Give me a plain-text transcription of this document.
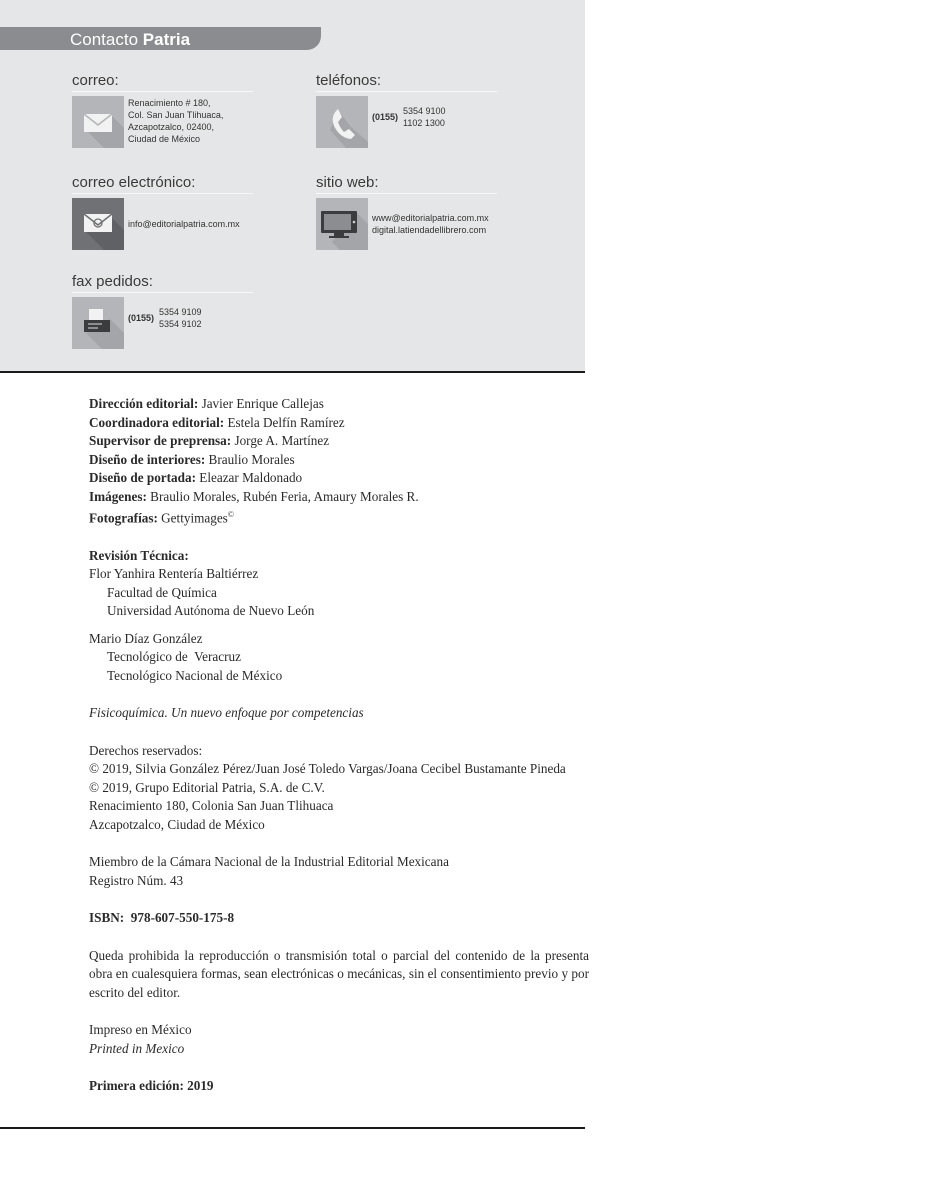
Contacto Patria
correo:
Renacimiento # 180,
Col. San Juan Tlihuaca,
Azcapotzalco, 02400,
Ciudad de México
teléfonos:
(0155)
5354 9100
1102 1300
correo electrónico:
info@editorialpatria.com.mx
sitio web:
www@editorialpatria.com.mx
digital.latiendadellibrero.com
fax pedidos:
(0155)
5354 9109
5354 9102

Dirección editorial: Javier Enrique Callejas

Coordinadora editorial: Estela Delfín Ramírez

Supervisor de preprensa: Jorge A. Martínez

Diseño de interiores: Braulio Morales

Diseño de portada: Eleazar Maldonado

Imágenes: Braulio Morales, Rubén Feria, Amaury Morales R.

Fotografías: Gettyimages©

Revisión Técnica:

Flor Yanhira Rentería Baltiérrez

Facultad de Química

Universidad Autónoma de Nuevo León

Mario Díaz González

Tecnológico de  Veracruz

Tecnológico Nacional de México

Fisicoquímica. Un nuevo enfoque por competencias

Derechos reservados:

© 2019, Silvia González Pérez/Juan José Toledo Vargas/Joana Cecibel Bustamante Pineda

© 2019, Grupo Editorial Patria, S.A. de C.V.

Renacimiento 180, Colonia San Juan Tlihuaca

Azcapotzalco, Ciudad de México

Miembro de la Cámara Nacional de la Industrial Editorial Mexicana

Registro Núm. 43

ISBN: 978-607-550-175-8

Queda prohibida la reproducción o transmisión total o parcial del contenido de la presenta obra en cualesquiera formas, sean electrónicas o mecánicas, sin el consentimiento previo y por escrito del editor.

Impreso en México

Printed in Mexico

Primera edición: 2019
